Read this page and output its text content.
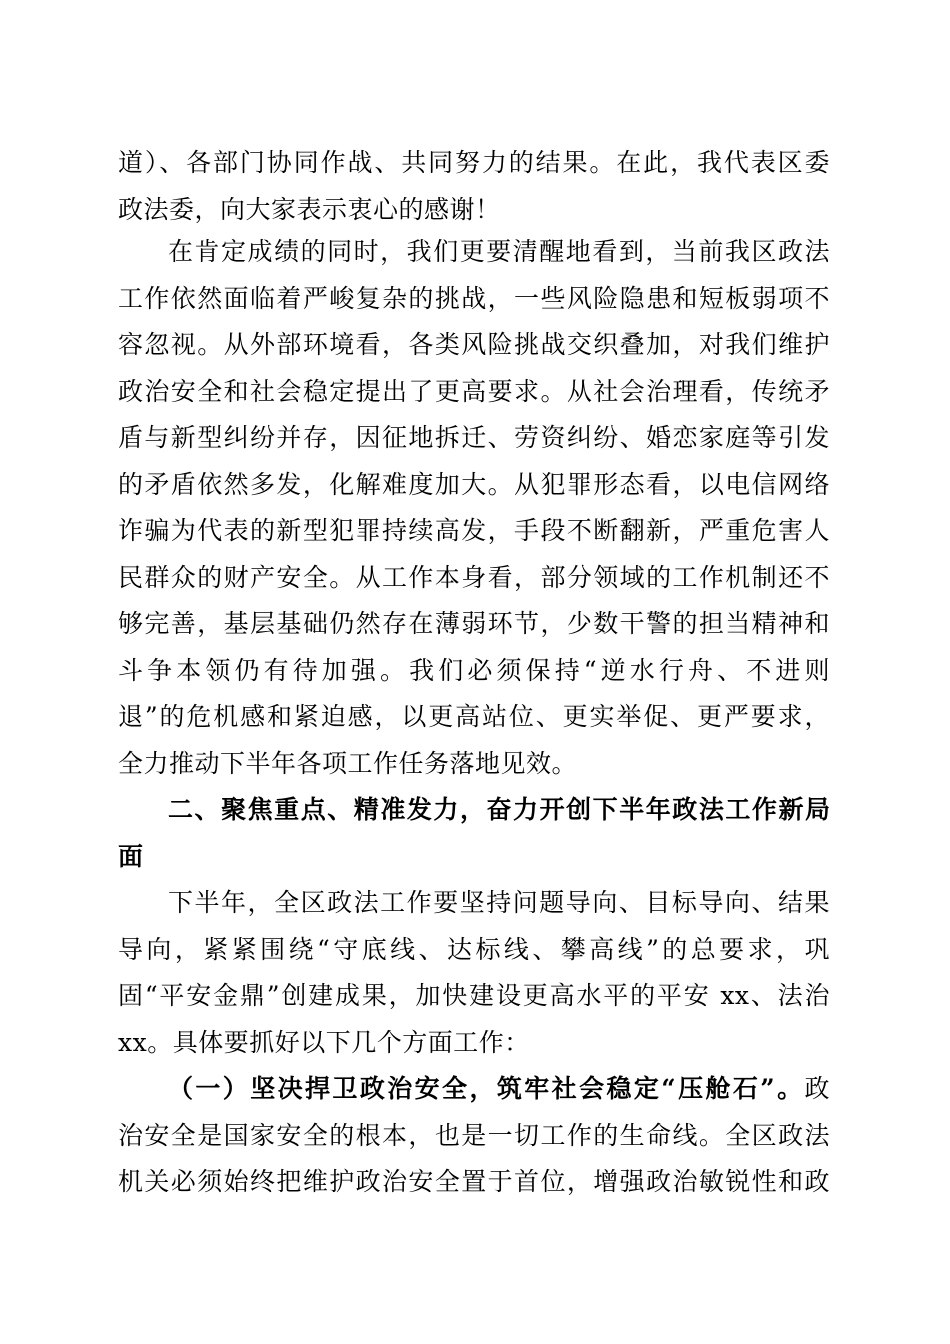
道）、各部门协同作战、共同努力的结果。在此，我代表区委
政法委，向大家表示衷心的感谢！
在肯定成绩的同时，我们更要清醒地看到，当前我区政法
工作依然面临着严峻复杂的挑战，一些风险隐患和短板弱项不
容忽视。从外部环境看，各类风险挑战交织叠加，对我们维护
政治安全和社会稳定提出了更高要求。从社会治理看，传统矛
盾与新型纠纷并存，因征地拆迁、劳资纠纷、婚恋家庭等引发
的矛盾依然多发，化解难度加大。从犯罪形态看，以电信网络
诈骗为代表的新型犯罪持续高发，手段不断翻新，严重危害人
民群众的财产安全。从工作本身看，部分领域的工作机制还不
够完善，基层基础仍然存在薄弱环节，少数干警的担当精神和
斗争本领仍有待加强。我们必须保持“逆水行舟、不进则
退”的危机感和紧迫感，以更高站位、更实举促、更严要求，
全力推动下半年各项工作任务落地见效。
二、聚焦重点、精准发力，奋力开创下半年政法工作新局
面
下半年，全区政法工作要坚持问题导向、目标导向、结果
导向，紧紧围绕“守底线、达标线、攀高线”的总要求，巩
固“平安金鼎”创建成果，加快建设更高水平的平安 xx、法治
xx。具体要抓好以下几个方面工作：
（一）坚决捍卫政治安全，筑牢社会稳定“压舱石”。政
治安全是国家安全的根本，也是一切工作的生命线。全区政法
机关必须始终把维护政治安全置于首位，增强政治敏锐性和政
